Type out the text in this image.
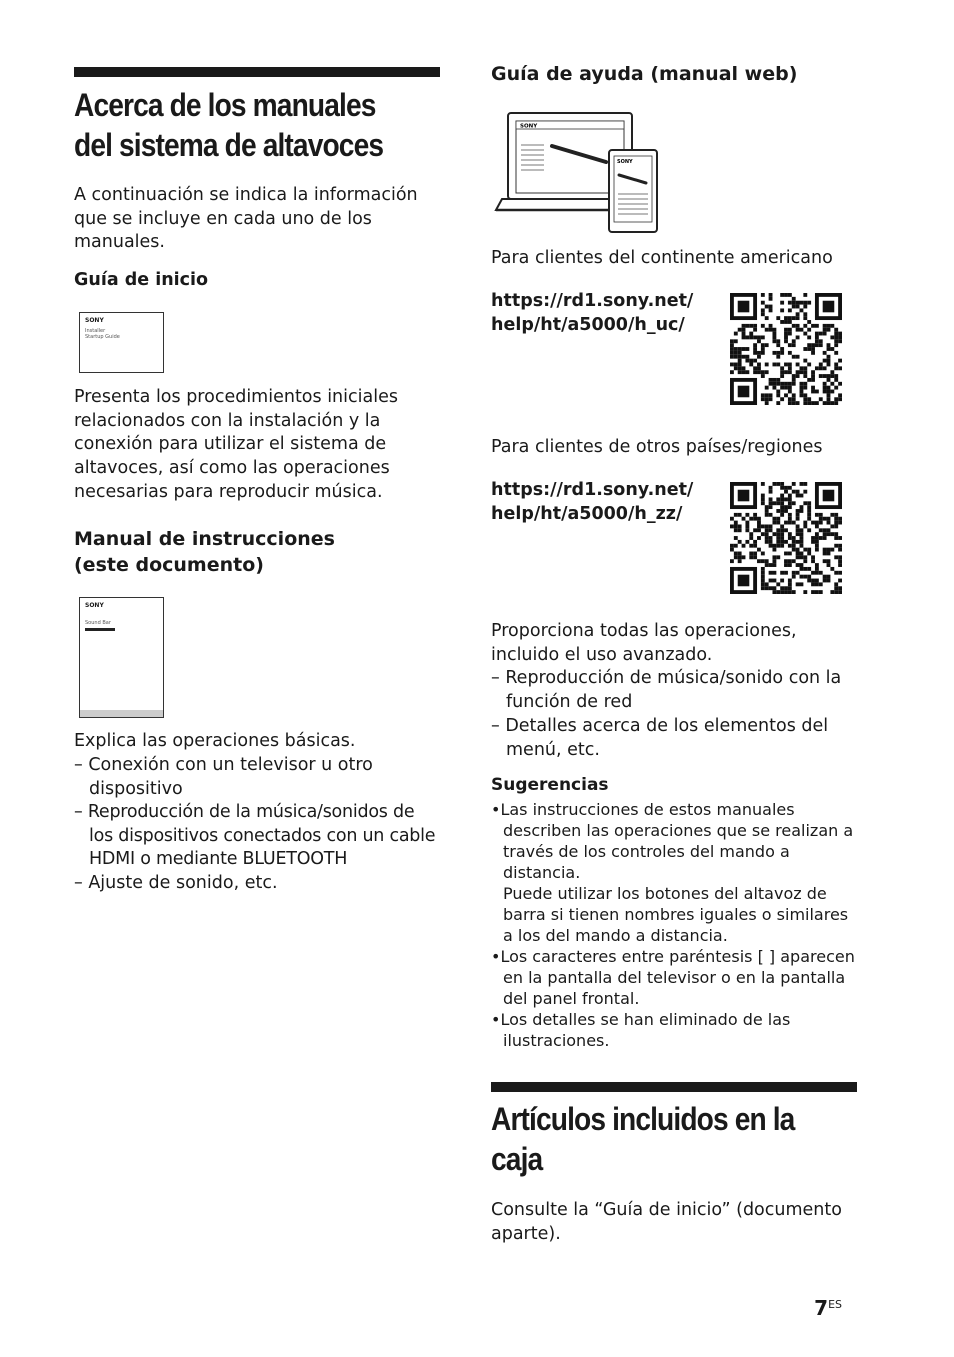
Acerca de los manuales
del sistema de altavoces

A continuación se indica la información que se incluye en cada uno de los manuales.

Guía de inicio
SONY
Installer
Startup Guide

Presenta los procedimientos iniciales relacionados con la instalación y la conexión para utilizar el sistema de altavoces, así como las operaciones necesarias para reproducir música.

Manual de instrucciones
(este documento)
SONY
Sound Bar

Explica las operaciones básicas.

– Conexión con un televisor u otro dispositivo

– Reproducción de la música/sonidos de los dispositivos conectados con un cable HDMI o mediante BLUETOOTH

– Ajuste de sonido, etc.

Guía de ayuda (manual web)
SONY
SONY

Para clientes del continente americano

https://rd1.sony.net/
help/ht/a5000/h_uc/

Para clientes de otros países/regiones

https://rd1.sony.net/
help/ht/a5000/h_zz/

Proporciona todas las operaciones,
incluido el uso avanzado.

– Reproducción de música/sonido con la función de red

– Detalles acerca de los elementos del menú, etc.

Sugerencias

•Las instrucciones de estos manuales describen las operaciones que se realizan a través de los controles del mando a distancia.

Puede utilizar los botones del altavoz de barra si tienen nombres iguales o similares a los del mando a distancia.

•Los caracteres entre paréntesis [ ] aparecen en la pantalla del televisor o en la pantalla del panel frontal.

•Los detalles se han eliminado de las ilustraciones.

Artículos incluidos en la
caja

Consulte la “Guía de inicio” (documento aparte).

$7^{ES}$
